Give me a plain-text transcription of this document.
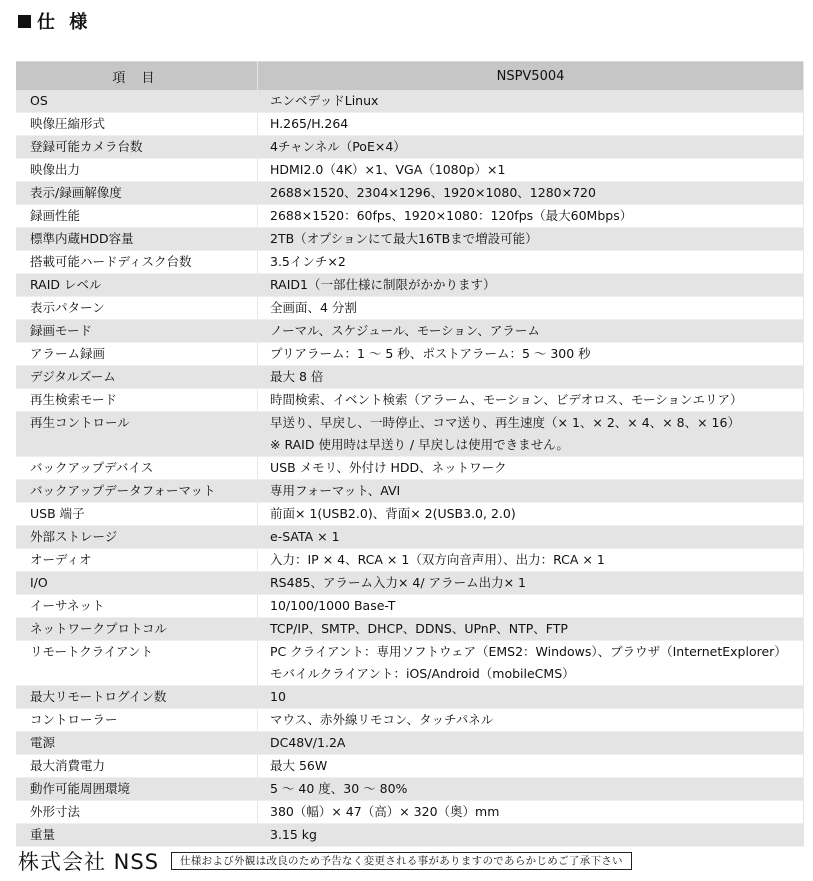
仕 様
項 目	NSPV5004
OS	エンベデッドLinux

映像圧縮形式	H.265/H.264

登録可能カメラ台数	4チャンネル（PoE×4）

映像出力	HDMI2.0（4K）×1、VGA（1080p）×1

表示/録画解像度	2688×1520、2304×1296、1920×1080、1280×720

録画性能	2688×1520：60fps、1920×1080：120fps（最大60Mbps）

標準内蔵HDD容量	2TB（オプションにて最大16TBまで増設可能）

搭載可能ハードディスク台数	3.5インチ×2

RAID レベル	RAID1（一部仕様に制限がかかります）

表示パターン	全画面、4 分割

録画モード	ノーマル、スケジュール、モーション、アラーム

アラーム録画	プリアラーム：1 ～ 5 秒、ポストアラーム：5 ～ 300 秒

デジタルズーム	最大 8 倍

再生検索モード	時間検索、イベント検索（アラーム、モーション、ビデオロス、モーションエリア）

再生コントロール	早送り、早戻し、一時停止、コマ送り、再生速度（× 1、× 2、× 4、× 8、× 16）
※ RAID 使用時は早送り / 早戻しは使用できません。

バックアップデバイス	USB メモリ、外付け HDD、ネットワーク

バックアップデータフォーマット	専用フォーマット、AVI

USB 端子	前面× 1(USB2.0)、背面× 2(USB3.0, 2.0)

外部ストレージ	e-SATA × 1

オーディオ	入力：IP × 4、RCA × 1（双方向音声用）、出力：RCA × 1

I/O	RS485、アラーム入力× 4/ アラーム出力× 1

イーサネット	10/100/1000 Base-T

ネットワークプロトコル	TCP/IP、SMTP、DHCP、DDNS、UPnP、NTP、FTP

リモートクライアント	PC クライアント：専用ソフトウェア（EMS2：Windows）、ブラウザ（InternetExplorer）
モバイルクライアント：iOS/Android（mobileCMS）

最大リモートログイン数	10

コントローラー	マウス、赤外線リモコン、タッチパネル

電源	DC48V/1.2A

最大消費電力	最大 56W

動作可能周囲環境	5 ～ 40 度、30 ～ 80%

外形寸法	380（幅）× 47（高）× 320（奥）mm

重量	3.15 kg
株式会社 NSS	仕様および外観は改良のため予告なく変更される事がありますのであらかじめご了承下さい
